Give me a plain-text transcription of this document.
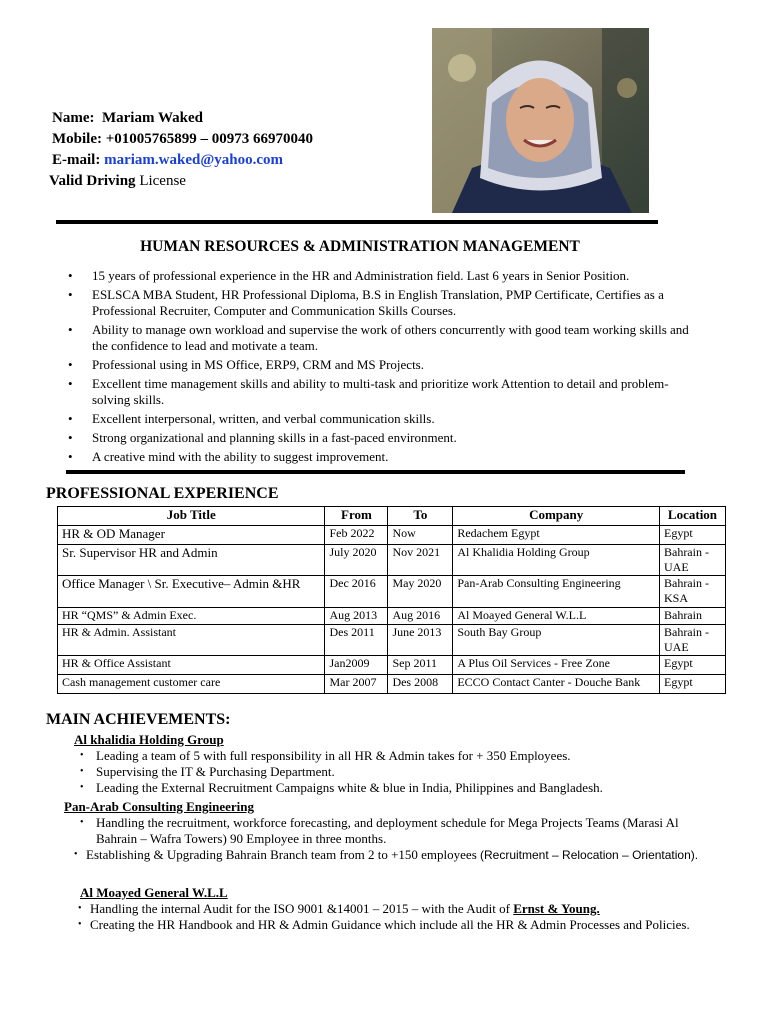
Name: Mariam Waked
Mobile: +01005765899 – 00973 66970040
E-mail: mariam.waked@yahoo.com
Valid Driving License
HUMAN RESOURCES & ADMINISTRATION MANAGEMENT
• 15 years of professional experience in the HR and Administration field. Last 6 years in Senior Position.
• ESLSCA MBA Student, HR Professional Diploma, B.S in English Translation, PMP Certificate, Certifies as a Professional Recruiter, Computer and Communication Skills Courses.
• Ability to manage own workload and supervise the work of others concurrently with good team working skills and the confidence to lead and motivate a team.
• Professional using in MS Office, ERP9, CRM and MS Projects.
• Excellent time management skills and ability to multi-task and prioritize work Attention to detail and problem-solving skills.
• Excellent interpersonal, written, and verbal communication skills.
• Strong organizational and planning skills in a fast-paced environment.
• A creative mind with the ability to suggest improvement.
PROFESSIONAL EXPERIENCE
Job Title	From	To	Company	Location
HR & OD Manager	Feb 2022	Now	Redachem Egypt	Egypt
Sr. Supervisor HR and Admin	July 2020	Nov 2021	Al Khalidia Holding Group	Bahrain - UAE
Office Manager \ Sr. Executive– Admin &HR	Dec 2016	May 2020	Pan-Arab Consulting Engineering	Bahrain - KSA
HR “QMS” & Admin Exec.	Aug 2013	Aug 2016	Al Moayed General W.L.L	Bahrain
HR & Admin. Assistant	Des 2011	June 2013	South Bay Group	Bahrain - UAE
HR & Office Assistant	Jan2009	Sep 2011	A Plus Oil Services - Free Zone	Egypt
Cash management customer care	Mar 2007	Des 2008	ECCO Contact Canter - Douche Bank	Egypt
MAIN ACHIEVEMENTS:
Al khalidia Holding Group
• Leading a team of 5 with full responsibility in all HR & Admin takes for + 350 Employees.
• Supervising the IT & Purchasing Department.
• Leading the External Recruitment Campaigns white & blue in India, Philippines and Bangladesh.
Pan-Arab Consulting Engineering
• Handling the recruitment, workforce forecasting, and deployment schedule for Mega Projects Teams (Marasi Al Bahrain – Wafra Towers) 90 Employee in three months.
• Establishing & Upgrading Bahrain Branch team from 2 to +150 employees (Recruitment – Relocation – Orientation).
Al Moayed General W.L.L
• Handling the internal Audit for the ISO 9001 &14001 – 2015 – with the Audit of Ernst & Young.
• Creating the HR Handbook and HR & Admin Guidance which include all the HR & Admin Processes and Policies.
